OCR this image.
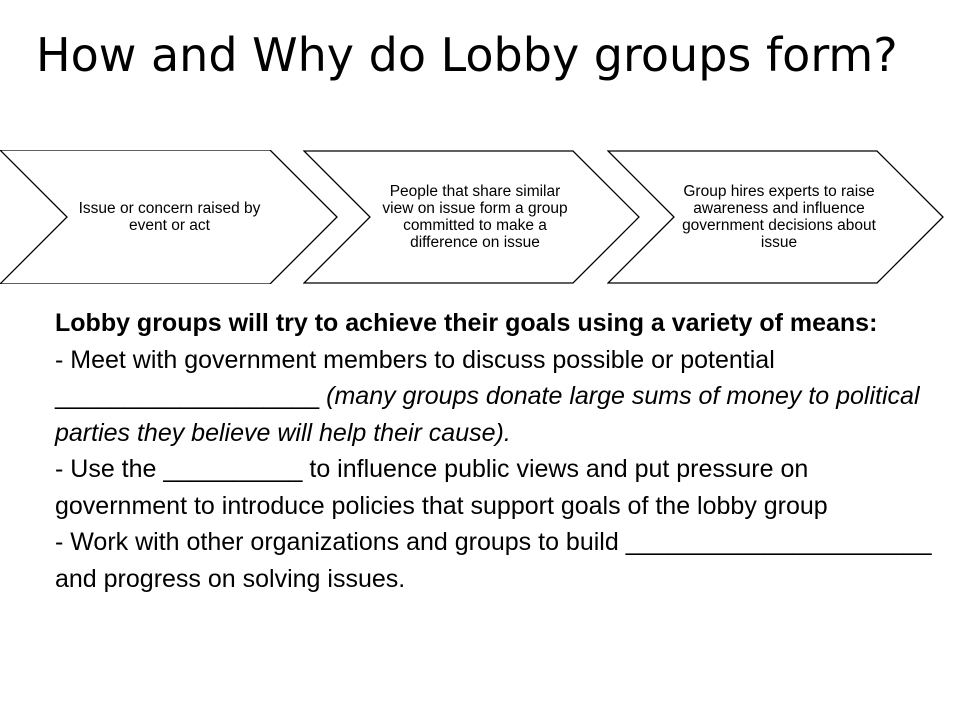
How and Why do Lobby groups form?
Issue or concern raised by event or act
People that share similar view on issue form a group committed to make a difference on issue
Group hires experts to raise awareness and influence government decisions about issue

Lobby groups will try to achieve their goals using a variety of means:

- Meet with government members to discuss possible or potential ___________________ (many groups donate large sums of money to political parties they believe will help their cause).

- Use the __________ to influence public views and put pressure on government to introduce policies that support goals of the lobby group

- Work with other organizations and groups to build ______________________ and progress on solving issues.
